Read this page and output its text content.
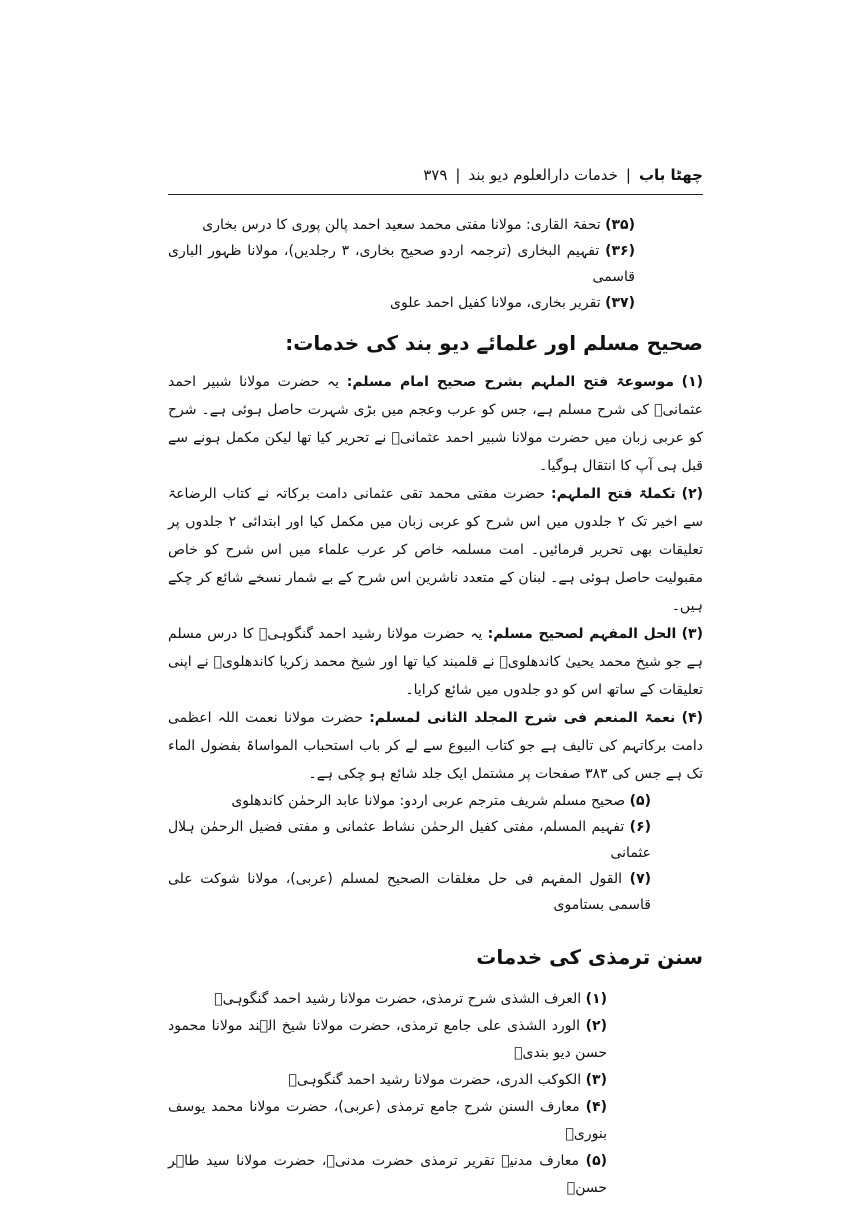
چھٹا باب
|
خدمات دارالعلوم دیو بند
|
۳۷۹

(۳۵) تحفۃ القاری: مولانا مفتی محمد سعید احمد پالن پوری کا درس بخاری

(۳۶) تفہیم البخاری (ترجمہ اردو صحیح بخاری، ۳ رجلدیں)، مولانا ظہور الباری قاسمی

(۳۷) تقریر بخاری، مولانا کفیل احمد علوی

صحیح مسلم اور علمائے دیو بند کی خدمات:

(۱) موسوعۃ فتح الملہم بشرح صحیح امام مسلم: یہ حضرت مولانا شبیر احمد عثمانیؒ کی شرح مسلم ہے، جس کو عرب وعجم میں بڑی شہرت حاصل ہوئی ہے۔ شرح کو عربی زبان میں حضرت مولانا شبیر احمد عثمانیؒ نے تحریر کیا تھا لیکن مکمل ہونے سے قبل ہی آپ کا انتقال ہوگیا۔

(۲) تکملۃ فتح الملہم: حضرت مفتی محمد تقی عثمانی دامت برکاتہ نے کتاب الرضاعۃ سے اخیر تک ۲ جلدوں میں اس شرح کو عربی زبان میں مکمل کیا اور ابتدائی ۲ جلدوں پر تعلیقات بھی تحریر فرمائیں۔ امت مسلمہ خاص کر عرب علماء میں اس شرح کو خاص مقبولیت حاصل ہوئی ہے۔ لبنان کے متعدد ناشرین اس شرح کے بے شمار نسخے شائع کر چکے ہیں۔

(۳) الحل المفہم لصحیح مسلم: یہ حضرت مولانا رشید احمد گنگوہیؒ کا درس مسلم ہے جو شیخ محمد یحییٰ کاندھلویؒ نے قلمبند کیا تھا اور شیخ محمد زکریا کاندھلویؒ نے اپنی تعلیقات کے ساتھ اس کو دو جلدوں میں شائع کرایا۔

(۴) نعمۃ المنعم فی شرح المجلد الثانی لمسلم: حضرت مولانا نعمت اللہ اعظمی دامت برکاتہم کی تالیف ہے جو کتاب البیوع سے لے کر باب استحباب المواساۃ بفضول الماء تک ہے جس کی ۳۸۳ صفحات پر مشتمل ایک جلد شائع ہو چکی ہے۔

(۵) صحیح مسلم شریف مترجم عربی اردو: مولانا عابد الرحمٰن کاندھلوی

(۶) تفہیم المسلم، مفتی کفیل الرحمٰن نشاط عثمانی و مفتی فضیل الرحمٰن ہلال عثمانی

(۷) القول المفہم فی حل مغلقات الصحیح لمسلم (عربی)، مولانا شوکت علی قاسمی بستاموی

سنن ترمذی کی خدمات

(۱) العرف الشذی شرح ترمذی، حضرت مولانا رشید احمد گنگوہیؒ

(۲) الورد الشذی علی جامع ترمذی، حضرت مولانا شیخ الہند مولانا محمود حسن دیو بندیؒ

(۳) الکوکب الدری، حضرت مولانا رشید احمد گنگوہیؒ

(۴) معارف السنن شرح جامع ترمذی (عربی)، حضرت مولانا محمد یوسف بنوریؒ

(۵) معارف مدنیہ تقریر ترمذی حضرت مدنیؒ، حضرت مولانا سید طاہر حسنؒ
